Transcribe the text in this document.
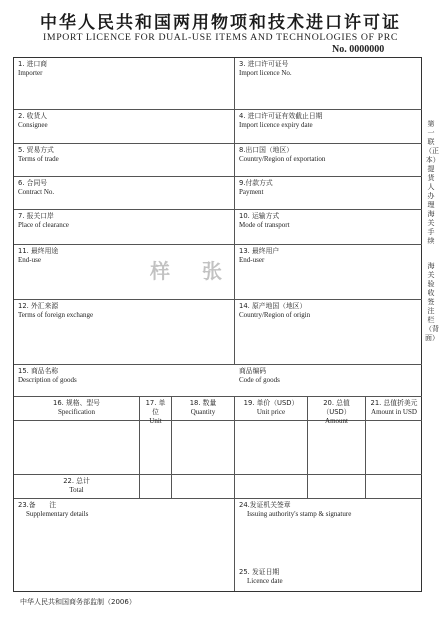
中华人民共和国两用物项和技术进口许可证
IMPORT LICENCE FOR DUAL-USE ITEMS AND TECHNOLOGIES OF PRC
No. 0000000
1. 进口商
Importer
3. 进口许可证号
Import licence No.
2. 收货人
Consignee
4. 进口许可证有效截止日期
Import licence expiry date
5. 贸易方式
Terms of trade
8.出口国（地区）
Country/Region of exportation
6. 合同号
Contract No.
9.付款方式
Payment
7. 报关口岸
Place of clearance
10. 运输方式
Mode of transport
11. 最终用途
End-use
13. 最终用户
End-user
12. 外汇来源
Terms of foreign exchange
14. 原产地国（地区）
Country/Region of origin
15. 商品名称
Description of goods
商品编码
Code of goods
16. 规格、型号
Specification
17. 单位
Unit
18. 数量
Quantity
19. 单价（USD）
Unit price
20. 总值（USD）
Amount
21. 总值折美元
Amount in USD
22. 总计
Total
23.备　　注
Supplementary details
24.发证机关签章
Issuing authority's stamp & signature
25. 发证日期
Licence date
样　张
第一联（正本）提货人办理海关手续
海关验收签注栏（背面）
中华人民共和国商务部监制（2006）
